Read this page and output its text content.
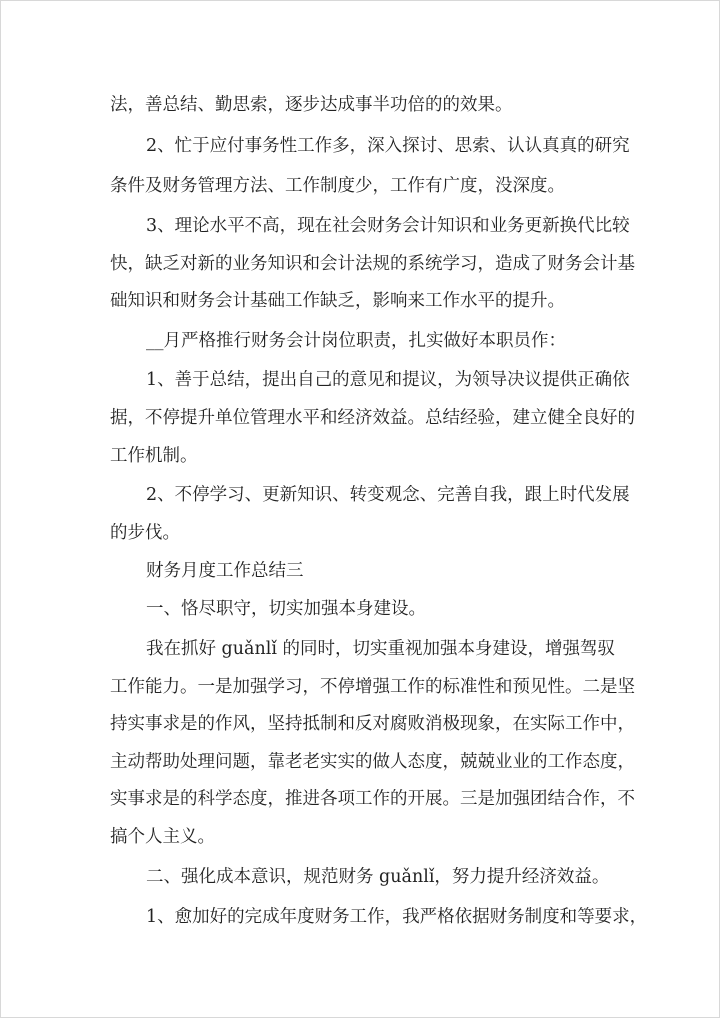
法，善总结、勤思索，逐步达成事半功倍的的效果。
2、忙于应付事务性工作多，深入探讨、思索、认认真真的研究
条件及财务管理方法、工作制度少，工作有广度，没深度。
3、理论水平不高，现在社会财务会计知识和业务更新换代比较
快，缺乏对新的业务知识和会计法规的系统学习，造成了财务会计基
础知识和财务会计基础工作缺乏，影响来工作水平的提升。
__月严格推行财务会计岗位职责，扎实做好本职员作：
1、善于总结，提出自己的意见和提议，为领导决议提供正确依
据，不停提升单位管理水平和经济效益。总结经验，建立健全良好的
工作机制。
2、不停学习、更新知识、转变观念、完善自我，跟上时代发展
的步伐。
财务月度工作总结三
一、恪尽职守，切实加强本身建设。
我在抓好 guǎnlǐ 的同时，切实重视加强本身建设，增强驾驭
工作能力。一是加强学习，不停增强工作的标准性和预见性。二是坚
持实事求是的作风，坚持抵制和反对腐败消极现象，在实际工作中，
主动帮助处理问题，靠老老实实的做人态度，兢兢业业的工作态度，
实事求是的科学态度，推进各项工作的开展。三是加强团结合作，不
搞个人主义。
二、强化成本意识，规范财务 guǎnlǐ，努力提升经济效益。
1、愈加好的完成年度财务工作，我严格依据财务制度和等要求，
